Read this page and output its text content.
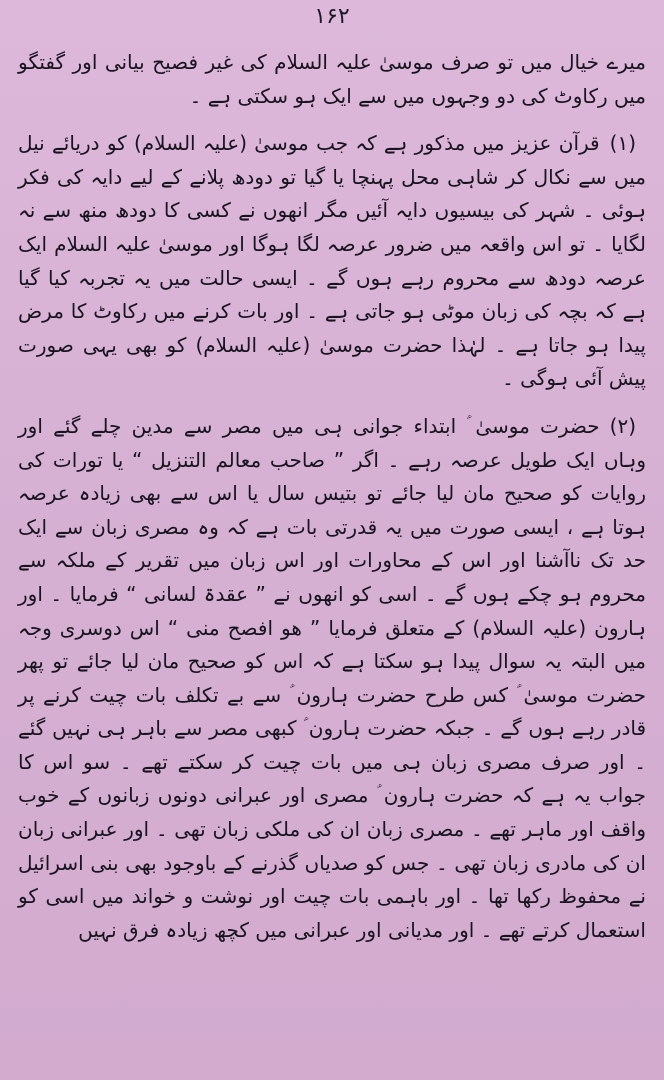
۱۶۲

میرے خیال میں تو صرف موسیٰ علیہ السلام کی غیر فصیح بیانی اور گفتگو میں رکاوٹ کی دو وجہوں میں سے ایک ہو سکتی ہے ۔

(۱)قرآن عزیز میں مذکور ہے کہ جب موسیٰ (علیہ السلام) کو دریائے نیل میں سے نکال کر شاہی محل پہنچا یا گیا تو دودھ پلانے کے لیے دایہ کی فکر ہوئی ۔ شہر کی بیسیوں دایہ آئیں مگر انھوں نے کسی کا دودھ منھ سے نہ لگایا ۔ تو اس واقعہ میں ضرور عرصہ لگا ہوگا اور موسیٰ علیہ السلام ایک عرصہ دودھ سے محروم رہے ہوں گے ۔ ایسی حالت میں یہ تجربہ کیا گیا ہے کہ بچہ کی زبان موٹی ہو جاتی ہے ۔ اور بات کرنے میں رکاوٹ کا مرض پیدا ہو جاتا ہے ۔ لہٰذا حضرت موسیٰ (علیہ السلام) کو بھی یہی صورت پیش آئی ہوگی ۔

(۲)حضرت موسیٰ ؑ ابتداء جوانی ہی میں مصر سے مدین چلے گئے اور وہاں ایک طویل عرصہ رہے ۔ اگر ” صاحب معالم التنزیل “ یا تورات کی روایات کو صحیح مان لیا جائے تو بتیس سال یا اس سے بھی زیادہ عرصہ ہوتا ہے ، ایسی صورت میں یہ قدرتی بات ہے کہ وہ مصری زبان سے ایک حد تک ناآشنا اور اس کے محاورات اور اس زبان میں تقریر کے ملکہ سے محروم ہو چکے ہوں گے ۔ اسی کو انھوں نے ” عقدۃ لسانی “ فرمایا ۔ اور ہارون (علیہ السلام) کے متعلق فرمایا ” ھو افصح منی “ اس دوسری وجہ میں البتہ یہ سوال پیدا ہو سکتا ہے کہ اس کو صحیح مان لیا جائے تو پھر حضرت موسیٰ ؑ کس طرح حضرت ہارون ؑ سے بے تکلف بات چیت کرنے پر قادر رہے ہوں گے ۔ جبکہ حضرت ہارون ؑ کبھی مصر سے باہر ہی نہیں گئے ۔ اور صرف مصری زبان ہی میں بات چیت کر سکتے تھے ۔ سو اس کا جواب یہ ہے کہ حضرت ہارون ؑ مصری اور عبرانی دونوں زبانوں کے خوب واقف اور ماہر تھے ۔ مصری زبان ان کی ملکی زبان تھی ۔ اور عبرانی زبان ان کی مادری زبان تھی ۔ جس کو صدیاں گذرنے کے باوجود بھی بنی اسرائیل نے محفوظ رکھا تھا ۔ اور باہمی بات چیت اور نوشت و خواند میں اسی کو استعمال کرتے تھے ۔ اور مدیانی اور عبرانی میں کچھ زیادہ فرق نہیں
